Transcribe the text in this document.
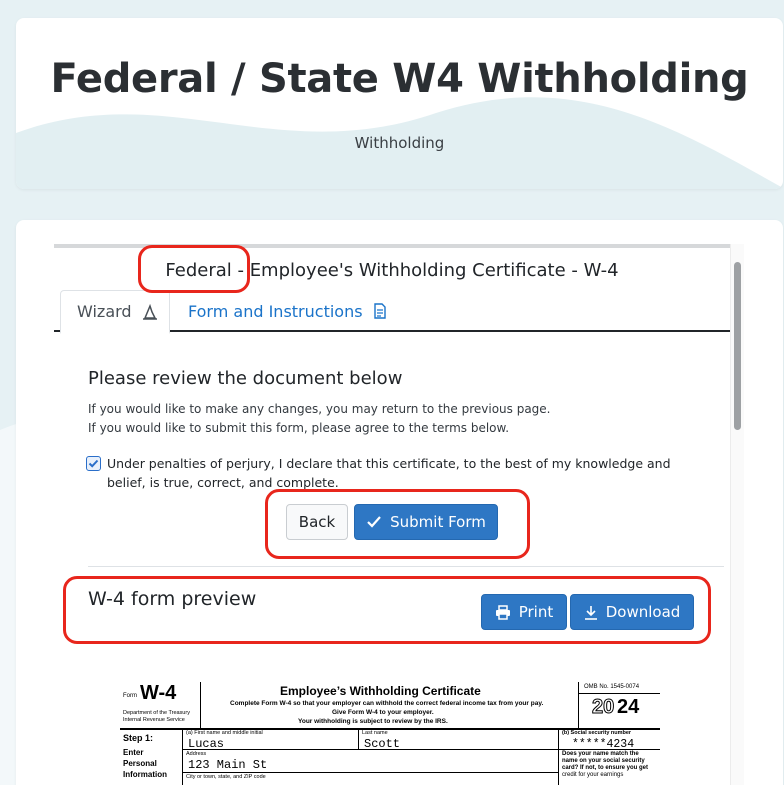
Federal / State W4 Withholding
Withholding
Federal - Employee's Withholding Certificate - W-4
Wizard	Form and Instructions
Please review the document below
If you would like to make any changes, you may return to the previous page.
If you would like to submit this form, please agree to the terms below.
Under penalties of perjury, I declare that this certificate, to the best of my knowledge and belief, is true, correct, and complete.
Back	Submit Form
W-4 form preview
Print	Download
Form W-4
Department of the Treasury
Internal Revenue Service
Employee’s Withholding Certificate
Complete Form W-4 so that your employer can withhold the correct federal income tax from your pay.
Give Form W-4 to your employer.
Your withholding is subject to review by the IRS.
OMB No. 1545-0074
20 24
Step 1:
Enter
Personal
Information
(a) First name and middle initial
Lucas
Last name
Scott
(b) Social security number
*****4234
Address
123 Main St
City or town, state, and ZIP code
Does your name match the
name on your social security
card? If not, to ensure you get
credit for your earnings
